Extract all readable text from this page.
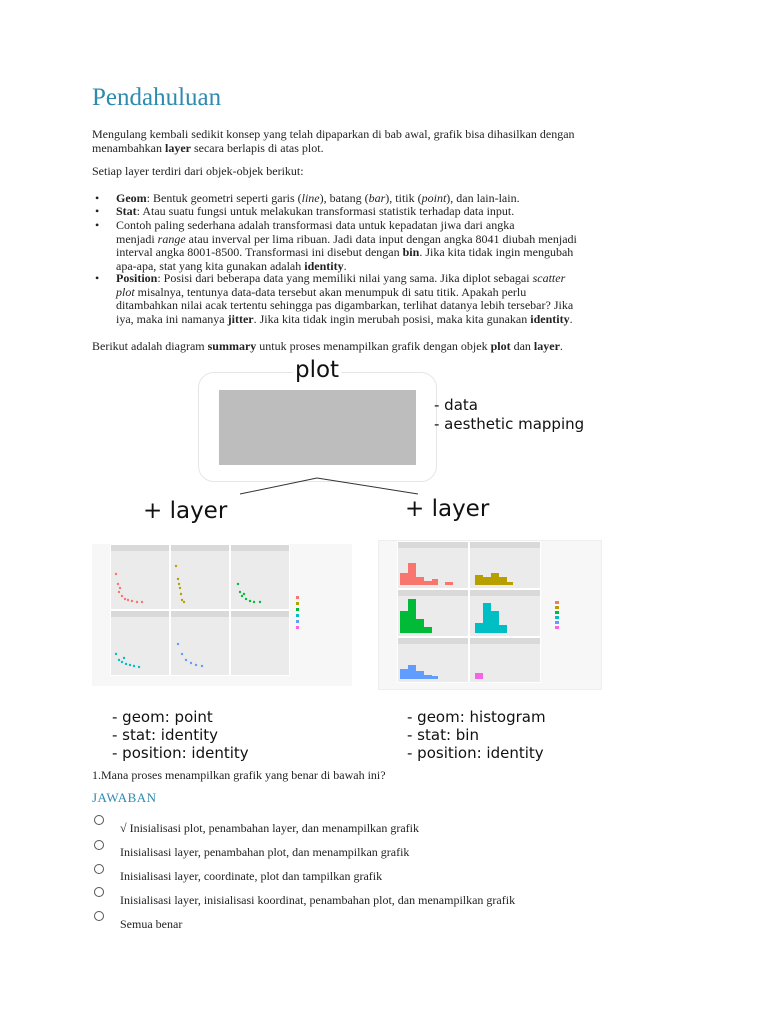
Pendahuluan
Mengulang kembali sedikit konsep yang telah dipaparkan di bab awal, grafik bisa dihasilkan dengan
menambahkan layer secara berlapis di atas plot.
Setiap layer terdiri dari objek-objek berikut:
• Geom: Bentuk geometri seperti garis (line), batang (bar), titik (point), dan lain-lain.
• Stat: Atau suatu fungsi untuk melakukan transformasi statistik terhadap data input.
• Contoh paling sederhana adalah transformasi data untuk kepadatan jiwa dari angka
menjadi range atau inverval per lima ribuan. Jadi data input dengan angka 8041 diubah menjadi
interval angka 8001-8500. Transformasi ini disebut dengan bin. Jika kita tidak ingin mengubah
apa-apa, stat yang kita gunakan adalah identity.
• Position: Posisi dari beberapa data yang memiliki nilai yang sama. Jika diplot sebagai scatter
plot misalnya, tentunya data-data tersebut akan menumpuk di satu titik. Apakah perlu
ditambahkan nilai acak tertentu sehingga pas digambarkan, terlihat datanya lebih tersebar? Jika
iya, maka ini namanya jitter. Jika kita tidak ingin merubah posisi, maka kita gunakan identity.
Berikut adalah diagram summary untuk proses menampilkan grafik dengan objek plot dan layer.
plot
- data
- aesthetic mapping
+ layer	+ layer
- geom: point
- stat: identity
- position: identity
- geom: histogram
- stat: bin
- position: identity
1.Mana proses menampilkan grafik yang benar di bawah ini?
JAWABAN
√ Inisialisasi plot, penambahan layer, dan menampilkan grafik
Inisialisasi layer, penambahan plot, dan menampilkan grafik
Inisialisasi layer, coordinate, plot dan tampilkan grafik
Inisialisasi layer, inisialisasi koordinat, penambahan plot, dan menampilkan grafik
Semua benar
